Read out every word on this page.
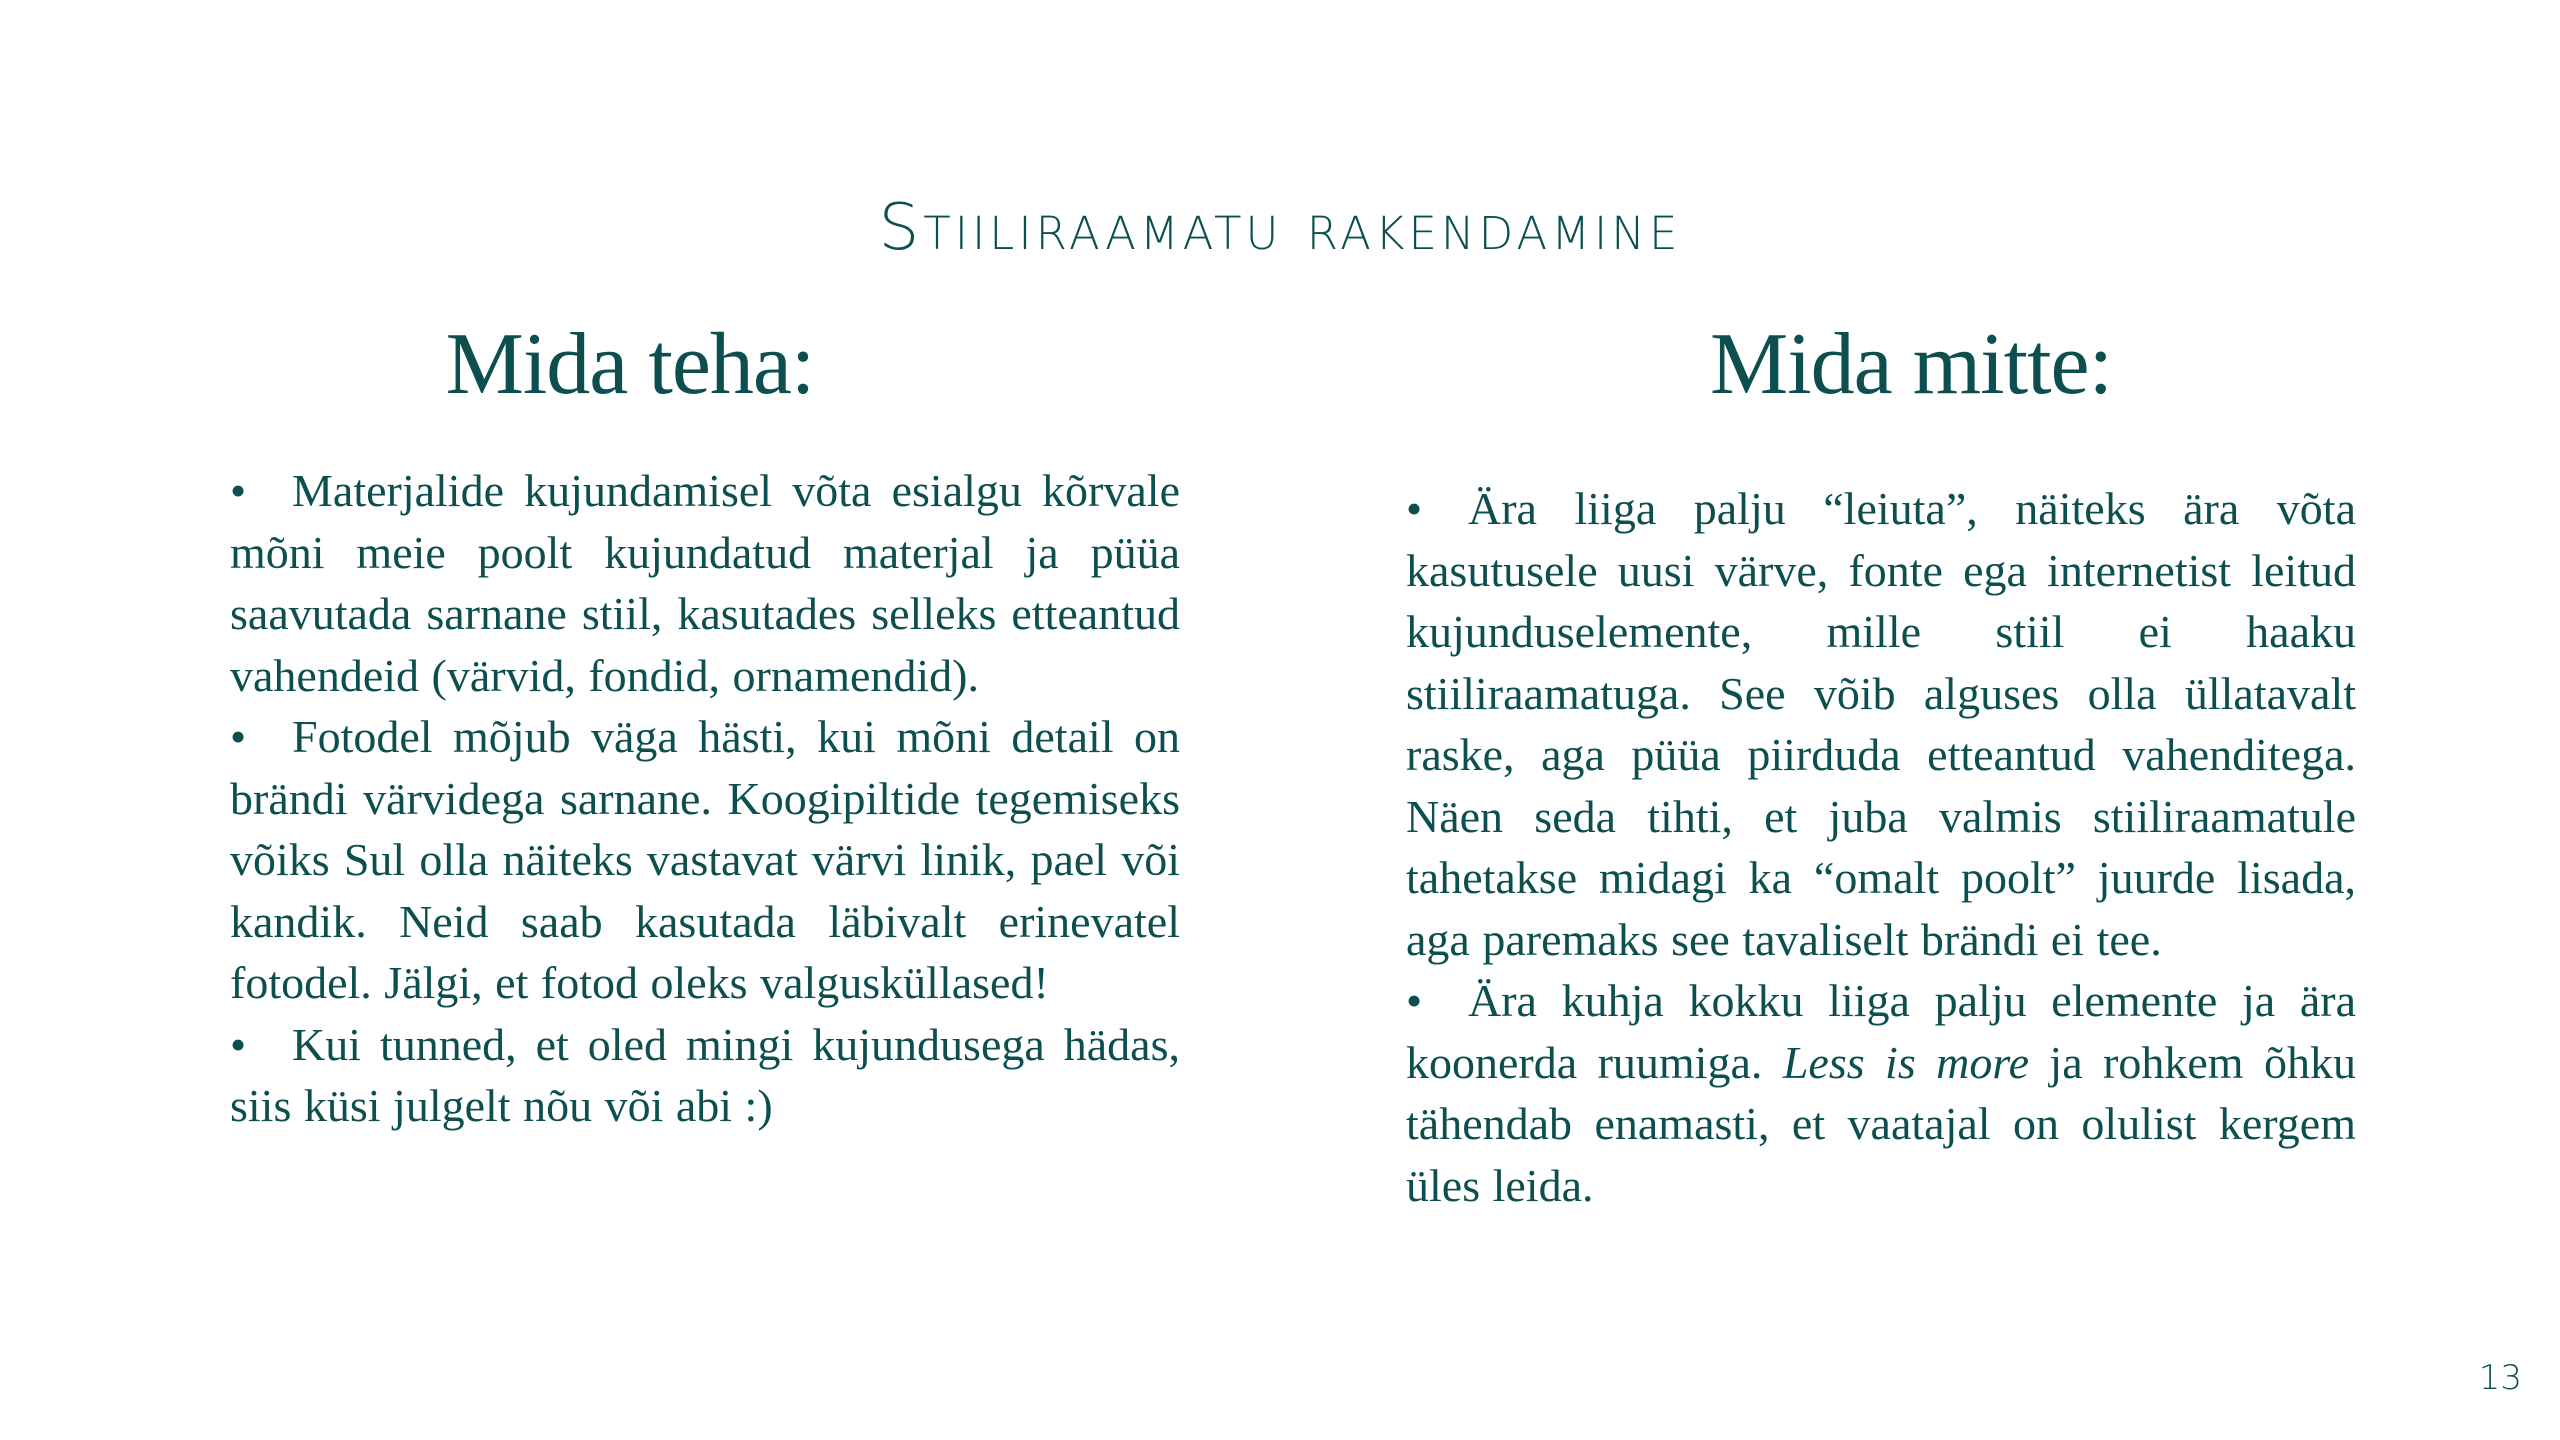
Stiiliraamatu rakendamine
Mida teha:
• Materjalide kujundamisel võta esialgu kõrvale mõni meie poolt kujundatud materjal ja püüa saavutada sarnane stiil, kasutades selleks etteantud vahendeid (värvid, fondid, ornamendid).
• Fotodel mõjub väga hästi, kui mõni detail on brändi värvidega sarnane. Koogipiltide tegemiseks võiks Sul olla näiteks vastavat värvi linik, pael või kandik. Neid saab kasutada läbivalt erinevatel fotodel. Jälgi, et fotod oleks valgusküllased!
• Kui tunned, et oled mingi kujundusega hädas, siis küsi julgelt nõu või abi :)
Mida mitte:
• Ära liiga palju “leiuta”, näiteks ära võta kasutusele uusi värve, fonte ega internetist leitud kujunduselemente, mille stiil ei haaku stiiliraamatuga. See võib alguses olla üllatavalt raske, aga püüa piirduda etteantud vahenditega. Näen seda tihti, et juba valmis stiiliraamatule tahetakse midagi ka “omalt poolt” juurde lisada, aga paremaks see tavaliselt brändi ei tee.
• Ära kuhja kokku liiga palju elemente ja ära koonerda ruumiga. Less is more ja rohkem õhku tähendab enamasti, et vaatajal on olulist kergem üles leida.
13
